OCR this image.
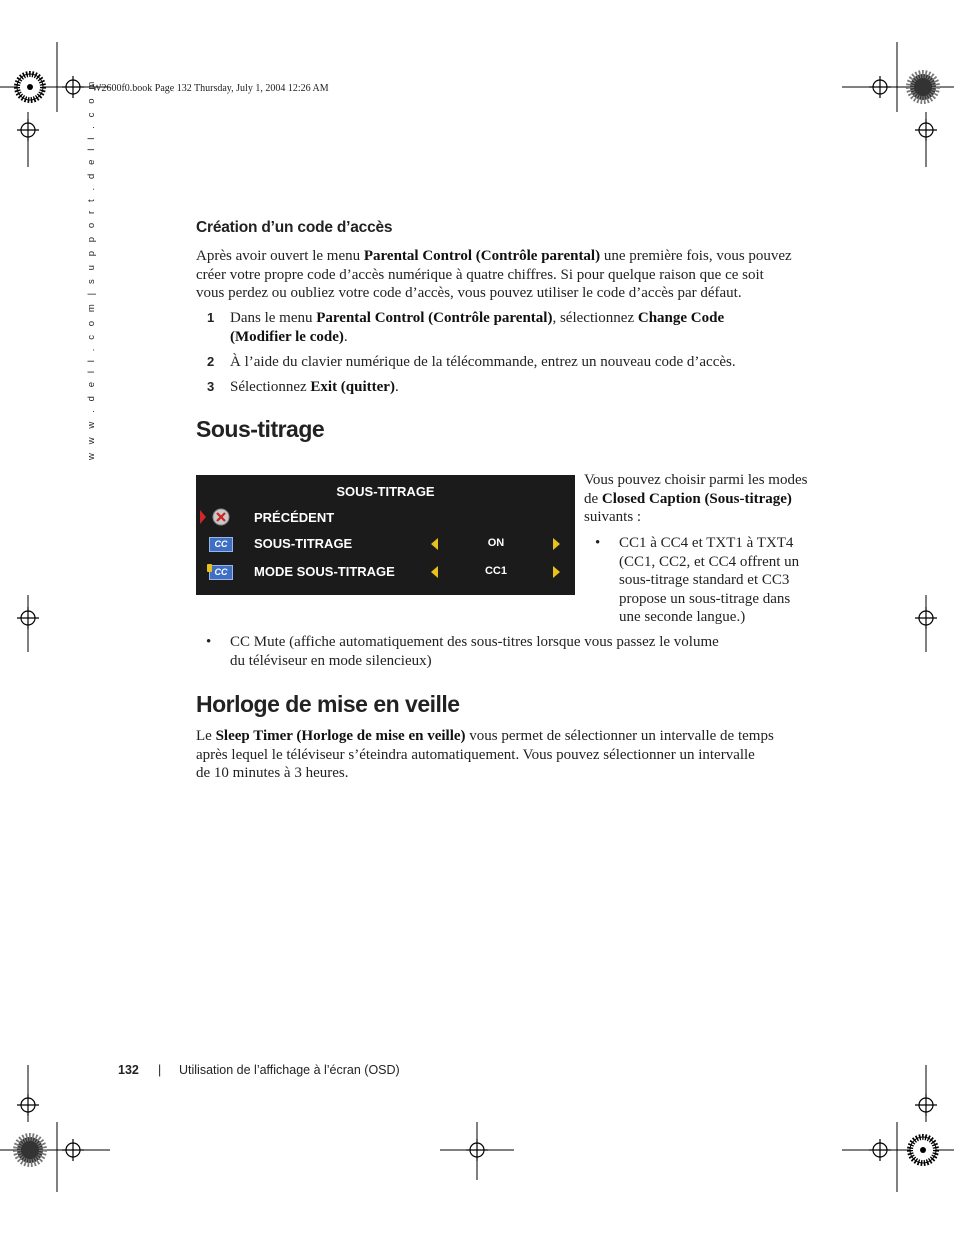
W2600f0.book Page 132 Thursday, July 1, 2004 12:26 AM
w w w . d e l l . c o m | s u p p o r t . d e l l . c o m	Création d’un code d’accès
Après avoir ouvert le menu Parental Control (Contrôle parental) une première fois, vous pouvez
créer votre propre code d’accès numérique à quatre chiffres. Si pour quelque raison que ce soit
vous perdez ou oubliez votre code d’accès, vous pouvez utiliser le code d’accès par défaut.
1 Dans le menu Parental Control (Contrôle parental), sélectionnez Change Code
(Modifier le code).
2 À l’aide du clavier numérique de la télécommande, entrez un nouveau code d’accès.
3 Sélectionnez Exit (quitter).
Sous-titrage
SOUS-TITRAGE
PRÉCÉDENT
CC	SOUS-TITRAGE	ON
CC	MODE SOUS-TITRAGE	CC1
Vous pouvez choisir parmi les modes
de Closed Caption (Sous-titrage)
suivants :
• CC1 à CC4 et TXT1 à TXT4
(CC1, CC2, et CC4 offrent un
sous-titrage standard et CC3
propose un sous-titrage dans
une seconde langue.)
• CC Mute (affiche automatiquement des sous-titres lorsque vous passez le volume
du téléviseur en mode silencieux)
Horloge de mise en veille
Le Sleep Timer (Horloge de mise en veille) vous permet de sélectionner un intervalle de temps
après lequel le téléviseur s’éteindra automatiquement. Vous pouvez sélectionner un intervalle
de 10 minutes à 3 heures.
132 | Utilisation de l’affichage à l’écran (OSD)
